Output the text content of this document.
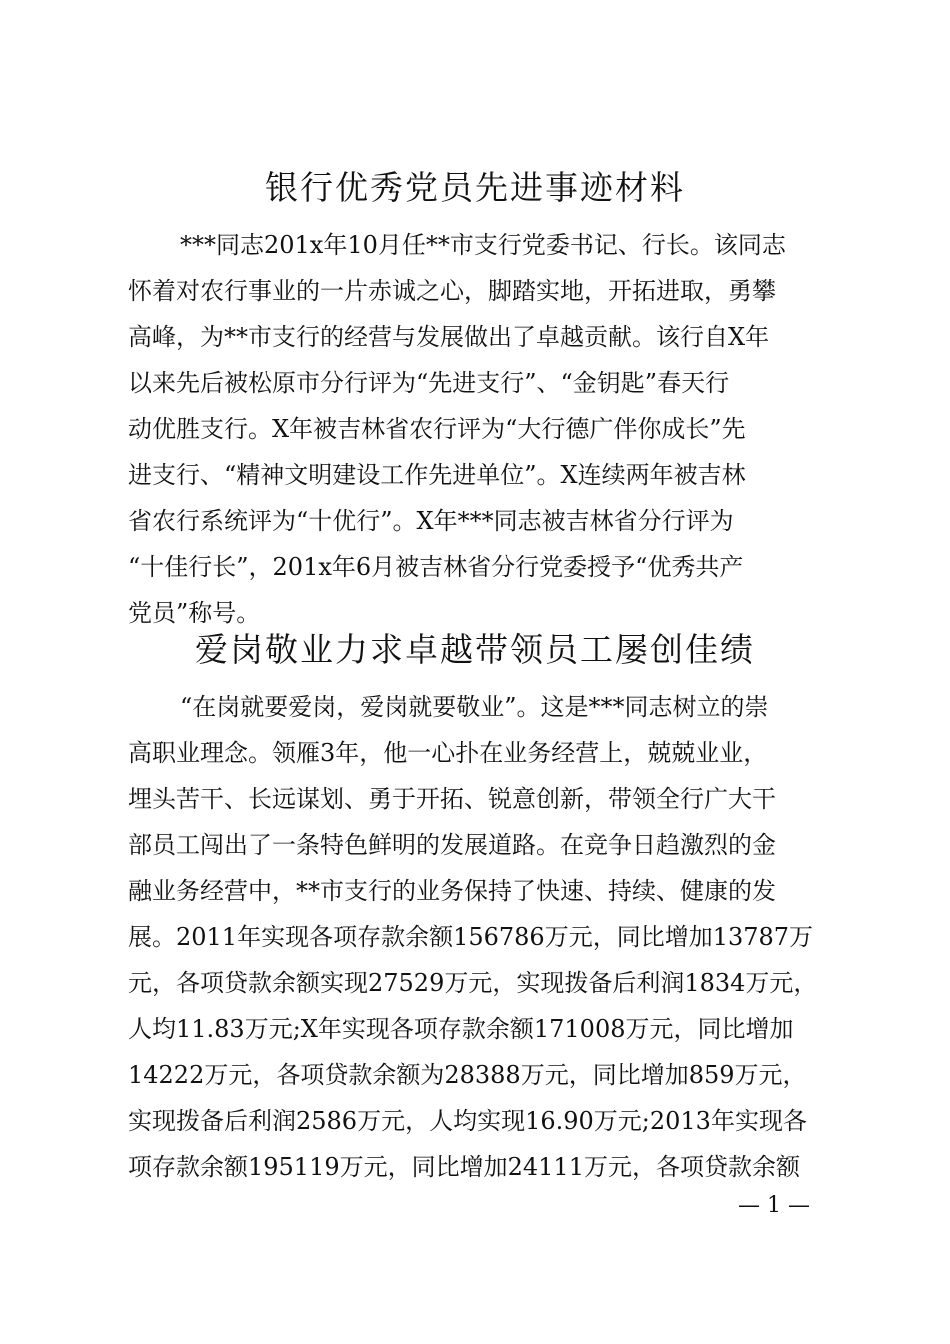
银行优秀党员先进事迹材料
***同志201x年10月任**市支行党委书记、行长。该同志
怀着对农行事业的一片赤诚之心，脚踏实地，开拓进取，勇攀
高峰，为**市支行的经营与发展做出了卓越贡献。该行自X年
以来先后被松原市分行评为“先进支行”、“金钥匙”春天行
动优胜支行。X年被吉林省农行评为“大行德广伴你成长”先
进支行、“精神文明建设工作先进单位”。X连续两年被吉林
省农行系统评为“十优行”。X年***同志被吉林省分行评为
“十佳行长”，201x年6月被吉林省分行党委授予“优秀共产
党员”称号。
爱岗敬业力求卓越带领员工屡创佳绩
“在岗就要爱岗，爱岗就要敬业”。这是***同志树立的崇
高职业理念。领雁3年，他一心扑在业务经营上，兢兢业业，
埋头苦干、长远谋划、勇于开拓、锐意创新，带领全行广大干
部员工闯出了一条特色鲜明的发展道路。在竞争日趋激烈的金
融业务经营中，**市支行的业务保持了快速、持续、健康的发
展。2011年实现各项存款余额156786万元，同比增加13787万
元，各项贷款余额实现27529万元，实现拨备后利润1834万元，
人均11.83万元;X年实现各项存款余额171008万元，同比增加
14222万元，各项贷款余额为28388万元，同比增加859万元，
实现拨备后利润2586万元，人均实现16.90万元;2013年实现各
项存款余额195119万元，同比增加24111万元，各项贷款余额
— 1 —
